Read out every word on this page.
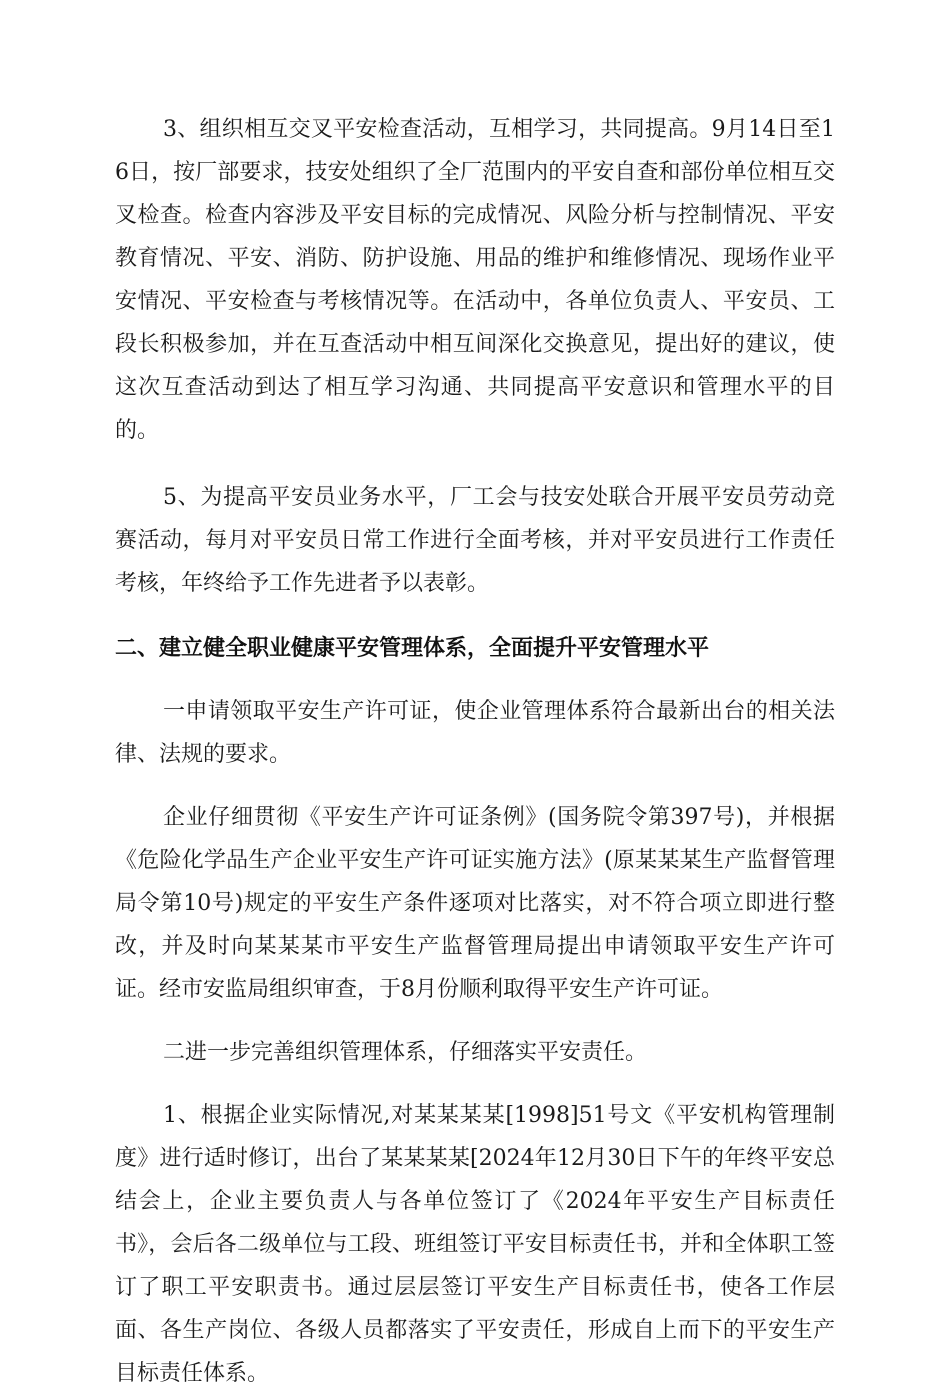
3、组织相互交叉平安检查活动，互相学习，共同提高。9月14日至16日，按厂部要求，技安处组织了全厂范围内的平安自查和部份单位相互交叉检查。检查内容涉及平安目标的完成情况、风险分析与控制情况、平安教育情况、平安、消防、防护设施、用品的维护和维修情况、现场作业平安情况、平安检查与考核情况等。在活动中，各单位负责人、平安员、工段长积极参加，并在互查活动中相互间深化交换意见，提出好的建议，使这次互查活动到达了相互学习沟通、共同提高平安意识和管理水平的目的。

5、为提高平安员业务水平，厂工会与技安处联合开展平安员劳动竞赛活动，每月对平安员日常工作进行全面考核，并对平安员进行工作责任考核，年终给予工作先进者予以表彰。

二、建立健全职业健康平安管理体系，全面提升平安管理水平

一申请领取平安生产许可证，使企业管理体系符合最新出台的相关法律、法规的要求。

企业仔细贯彻《平安生产许可证条例》(国务院令第397号)，并根据《危险化学品生产企业平安生产许可证实施方法》(原某某某生产监督管理局令第10号)规定的平安生产条件逐项对比落实，对不符合项立即进行整改，并及时向某某某市平安生产监督管理局提出申请领取平安生产许可证。经市安监局组织审查，于8月份顺利取得平安生产许可证。

二进一步完善组织管理体系，仔细落实平安责任。

1、根据企业实际情况,对某某某某[1998]51号文《平安机构管理制度》进行适时修订，出台了某某某某[2024年12月30日下午的年终平安总结会上，企业主要负责人与各单位签订了《2024年平安生产目标责任书》，会后各二级单位与工段、班组签订平安目标责任书，并和全体职工签订了职工平安职责书。通过层层签订平安生产目标责任书，使各工作层面、各生产岗位、各级人员都落实了平安责任，形成自上而下的平安生产目标责任体系。
